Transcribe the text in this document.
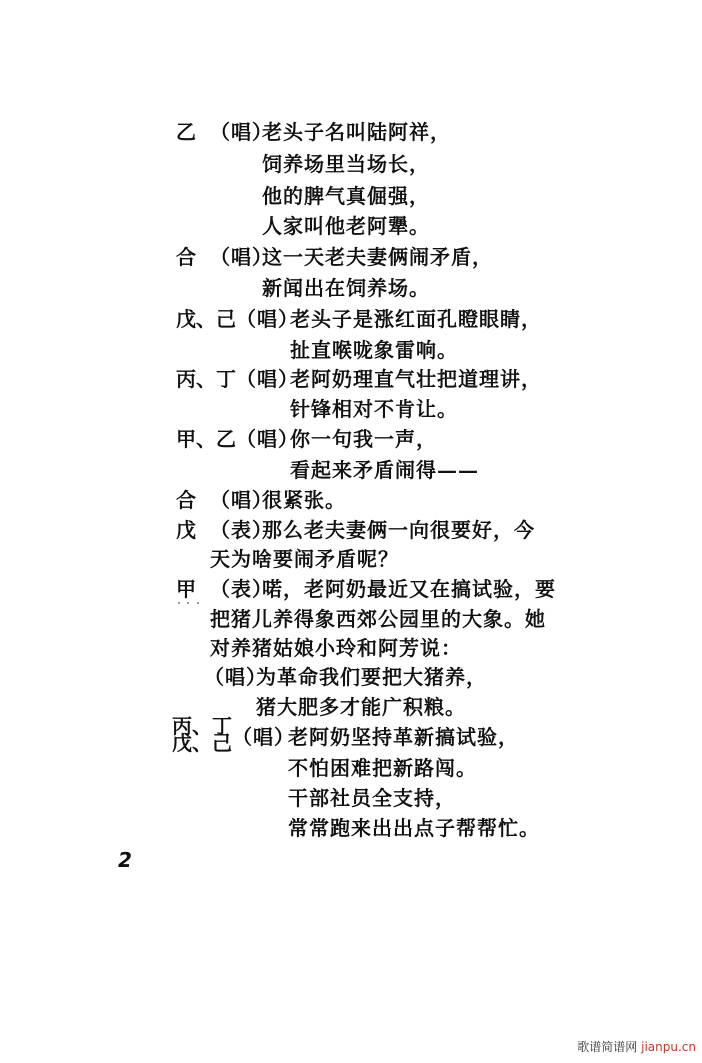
乙 （唱）
老头子名叫陆阿祥，
饲养场里当场长，
他的脾气真倔强，
人家叫他老阿犟。
合 （唱）
这一天老夫妻俩闹矛盾，
新闻出在饲养场。
戊、己 （唱）
老头子是涨红面孔瞪眼睛，
扯直喉咙象雷响。
丙、丁 （唱）
老阿奶理直气壮把道理讲，
针锋相对不肯让。
甲、乙 （唱）
你一句我一声，
看起来矛盾闹得——
合 （唱）
很紧张。
戊 （表）
那么老夫妻俩一向很要好，今
天为啥要闹矛盾呢？
甲 （表）
喏，老阿奶最近又在搞试验，要
把猪儿养得象西郊公园里的大象。她
对养猪姑娘小玲和阿芳说：
（唱）
为革命我们要把大猪养，
猪大肥多才能广积粮。
丙、丁
戊、己 （唱）
老阿奶坚持革新搞试验，
不怕困难把新路闯。
干部社员全支持，
常常跑来出出点子帮帮忙。
2
歌谱简谱网 jianpu.cn
